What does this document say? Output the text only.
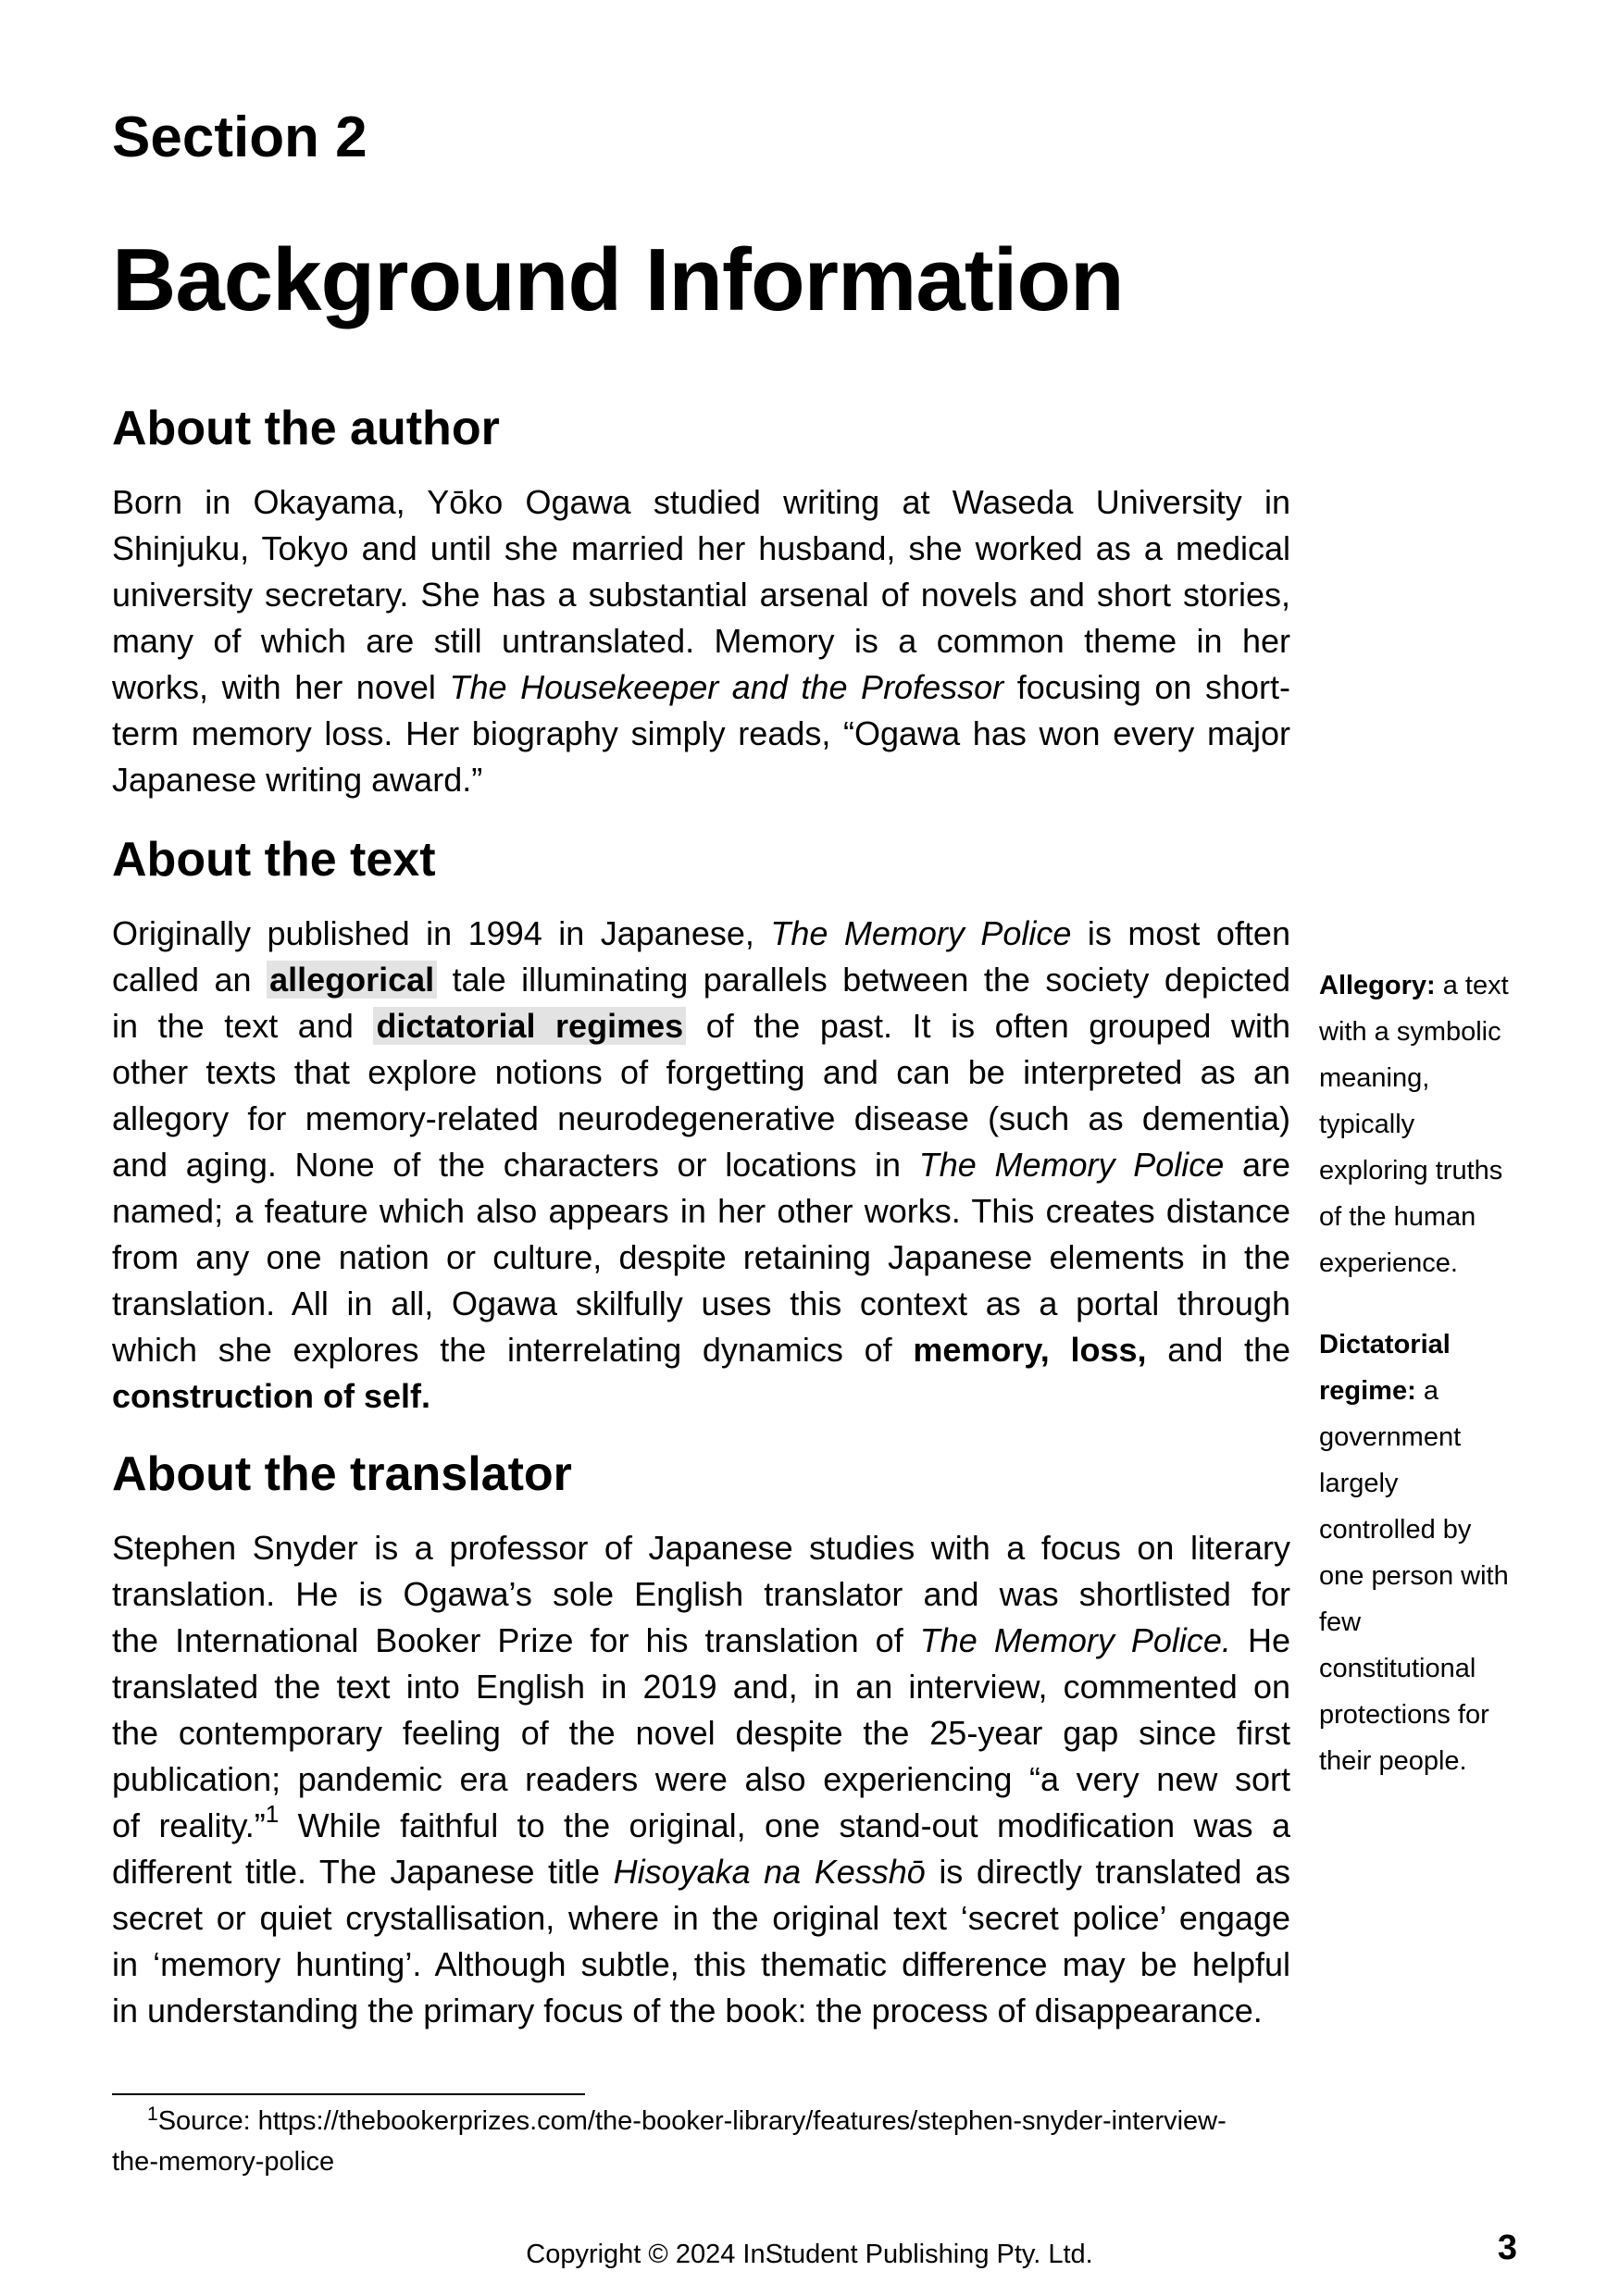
Section 2
Background Information
About the author
Born in Okayama, Yōko Ogawa studied writing at Waseda University in
Shinjuku, Tokyo and until she married her husband, she worked as a medical
university secretary. She has a substantial arsenal of novels and short stories,
many of which are still untranslated. Memory is a common theme in her
works, with her novel The Housekeeper and the Professor focusing on short-
term memory loss. Her biography simply reads, “Ogawa has won every major
Japanese writing award.”
About the text
Originally published in 1994 in Japanese, The Memory Police is most often
called an allegorical tale illuminating parallels between the society depicted
in the text and dictatorial regimes of the past. It is often grouped with
other texts that explore notions of forgetting and can be interpreted as an
allegory for memory-related neurodegenerative disease (such as dementia)
and aging. None of the characters or locations in The Memory Police are
named; a feature which also appears in her other works. This creates distance
from any one nation or culture, despite retaining Japanese elements in the
translation. All in all, Ogawa skilfully uses this context as a portal through
which she explores the interrelating dynamics of memory, loss, and the
construction of self.
About the translator
Stephen Snyder is a professor of Japanese studies with a focus on literary
translation. He is Ogawa’s sole English translator and was shortlisted for
the International Booker Prize for his translation of The Memory Police. He
translated the text into English in 2019 and, in an interview, commented on
the contemporary feeling of the novel despite the 25-year gap since first
publication; pandemic era readers were also experiencing “a very new sort
of reality.”$^1$ While faithful to the original, one stand-out modification was a
different title. The Japanese title Hisoyaka na Kesshō is directly translated as
secret or quiet crystallisation, where in the original text ‘secret police’ engage
in ‘memory hunting’. Although subtle, this thematic difference may be helpful
in understanding the primary focus of the book: the process of disappearance.
Allegory: a text
with a symbolic
meaning,
typically
exploring truths
of the human
experience.
Dictatorial
regime: a
government
largely
controlled by
one person with
few
constitutional
protections for
their people.
$^1$Source: https://thebookerprizes.com/the-booker-library/features/stephen-snyder-interview-
the-memory-police
Copyright © 2024 InStudent Publishing Pty. Ltd.	3
